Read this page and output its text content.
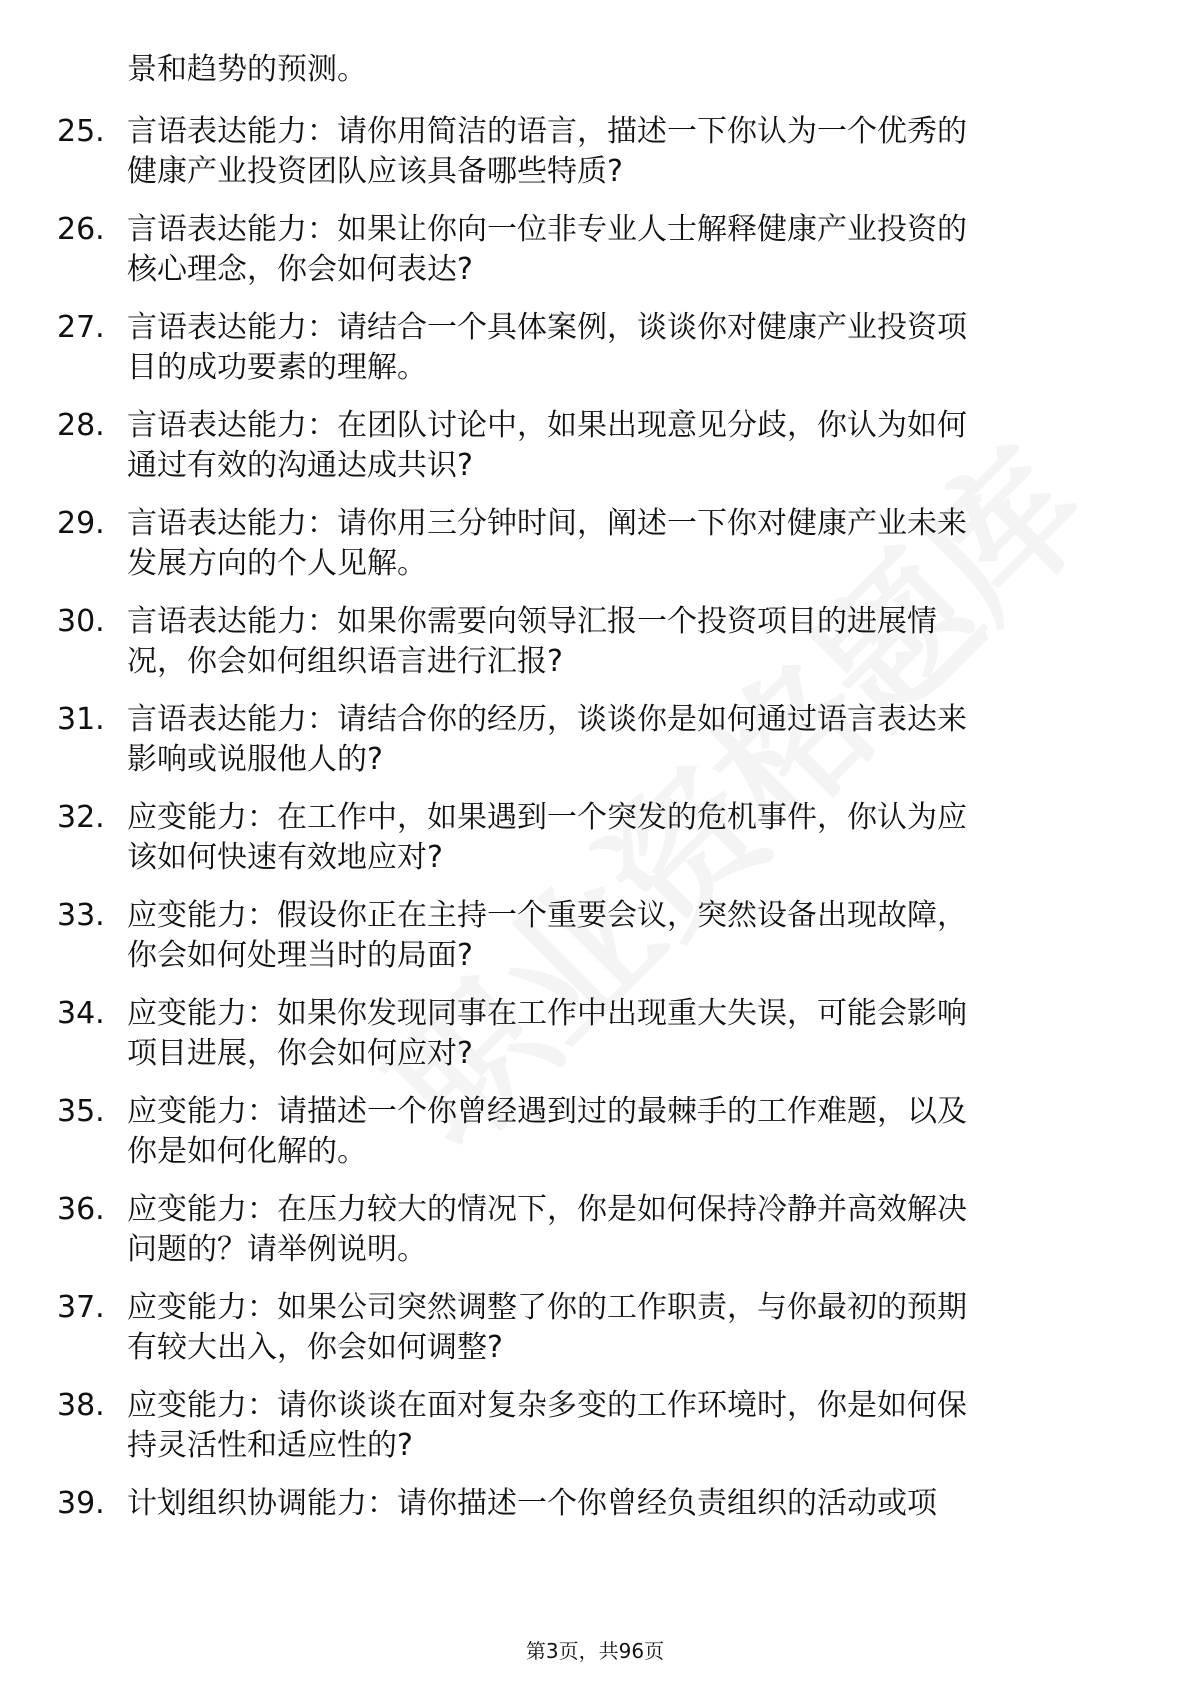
景和趋势的预测。
25. 言语表达能力：请你用简洁的语言，描述一下你认为一个优秀的
健康产业投资团队应该具备哪些特质?
26. 言语表达能力：如果让你向一位非专业人士解释健康产业投资的
核心理念，你会如何表达?
27. 言语表达能力：请结合一个具体案例，谈谈你对健康产业投资项
目的成功要素的理解。
28. 言语表达能力：在团队讨论中，如果出现意见分歧，你认为如何
通过有效的沟通达成共识?
29. 言语表达能力：请你用三分钟时间，阐述一下你对健康产业未来
发展方向的个人见解。
30. 言语表达能力：如果你需要向领导汇报一个投资项目的进展情
况，你会如何组织语言进行汇报?
31. 言语表达能力：请结合你的经历，谈谈你是如何通过语言表达来
影响或说服他人的?
32. 应变能力：在工作中，如果遇到一个突发的危机事件，你认为应
该如何快速有效地应对?
33. 应变能力：假设你正在主持一个重要会议，突然设备出现故障，
你会如何处理当时的局面?
34. 应变能力：如果你发现同事在工作中出现重大失误，可能会影响
项目进展，你会如何应对?
35. 应变能力：请描述一个你曾经遇到过的最棘手的工作难题，以及
你是如何化解的。
36. 应变能力：在压力较大的情况下，你是如何保持冷静并高效解决
问题的？请举例说明。
37. 应变能力：如果公司突然调整了你的工作职责，与你最初的预期
有较大出入，你会如何调整?
38. 应变能力：请你谈谈在面对复杂多变的工作环境时，你是如何保
持灵活性和适应性的?
39. 计划组织协调能力：请你描述一个你曾经负责组织的活动或项
第3页，共96页
